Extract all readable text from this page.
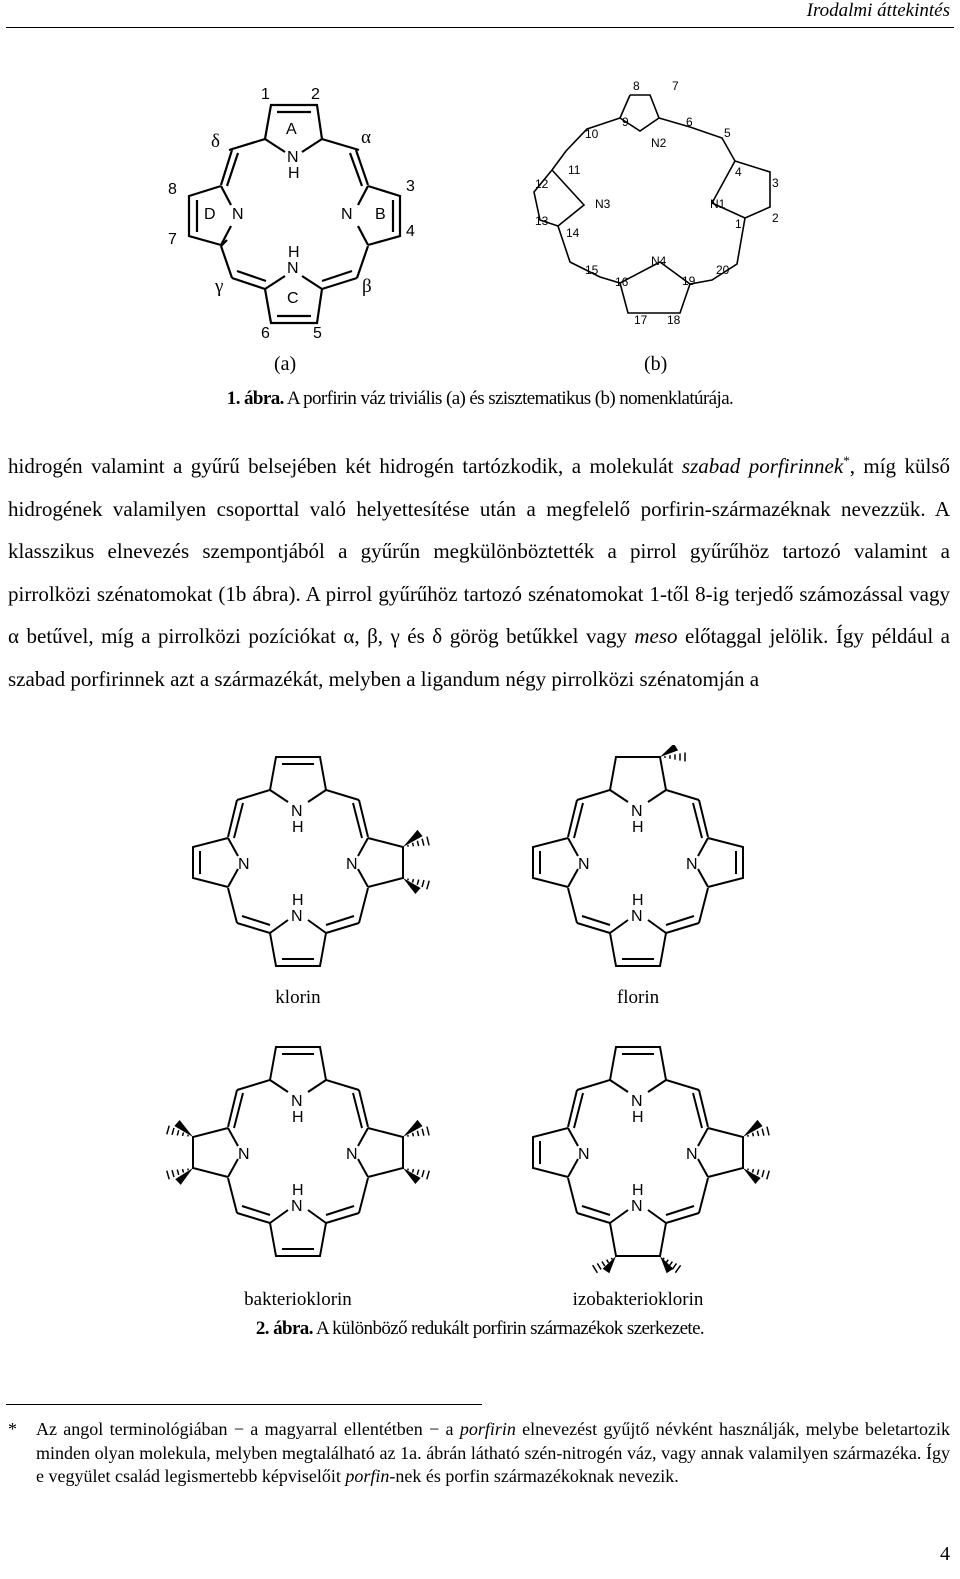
Irodalmi áttekintés
A
N
H
D N	N B
H
N
C
1	2
3
4
5
6
7
8
α
β
γ
δ
1	2
3
4
5
6
7
8
9
10
11
12
13
14
15
16
17 18
19
20
N1
N2
N3
N4
(a)	(b)
1. ábra. A porfirin váz triviális (a) és szisztematikus (b) nomenklatúrája.

hidrogén valamint a gyűrű belsejében két hidrogén tartózkodik, a molekulát szabad porfirinnek*, míg külső hidrogének valamilyen csoporttal való helyettesítése után a megfelelő porfirin-származéknak nevezzük. A klasszikus elnevezés szempontjából a gyűrűn megkülönböztették a pirrol gyűrűhöz tartozó valamint a pirrolközi szénatomokat (1b ábra). A pirrol gyűrűhöz tartozó szénatomokat 1-től 8-ig terjedő számozással vagy α betűvel, míg a pirrolközi pozíciókat α, β, γ és δ görög betűkkel vagy meso előtaggal jelölik. Így például a szabad porfirinnek azt a származékát, melyben a ligandum négy pirrolközi szénatomján a

N
H
N	N
H
N
klorin
N
H
N	N
H
N
florin
N
H
N	N
H
N
bakterioklorin
N
H
N	N
H
N
izobakterioklorin
2. ábra. A különböző redukált porfirin származékok szerkezete.
* Az angol terminológiában − a magyarral ellentétben − a porfirin elnevezést gyűjtő névként használják, melybe beletartozik minden olyan molekula, melyben megtalálható az 1a. ábrán látható szén-nitrogén váz, vagy annak valamilyen származéka. Így e vegyület család legismertebb képviselőit porfin-nek és porfin származékoknak nevezik.
4
